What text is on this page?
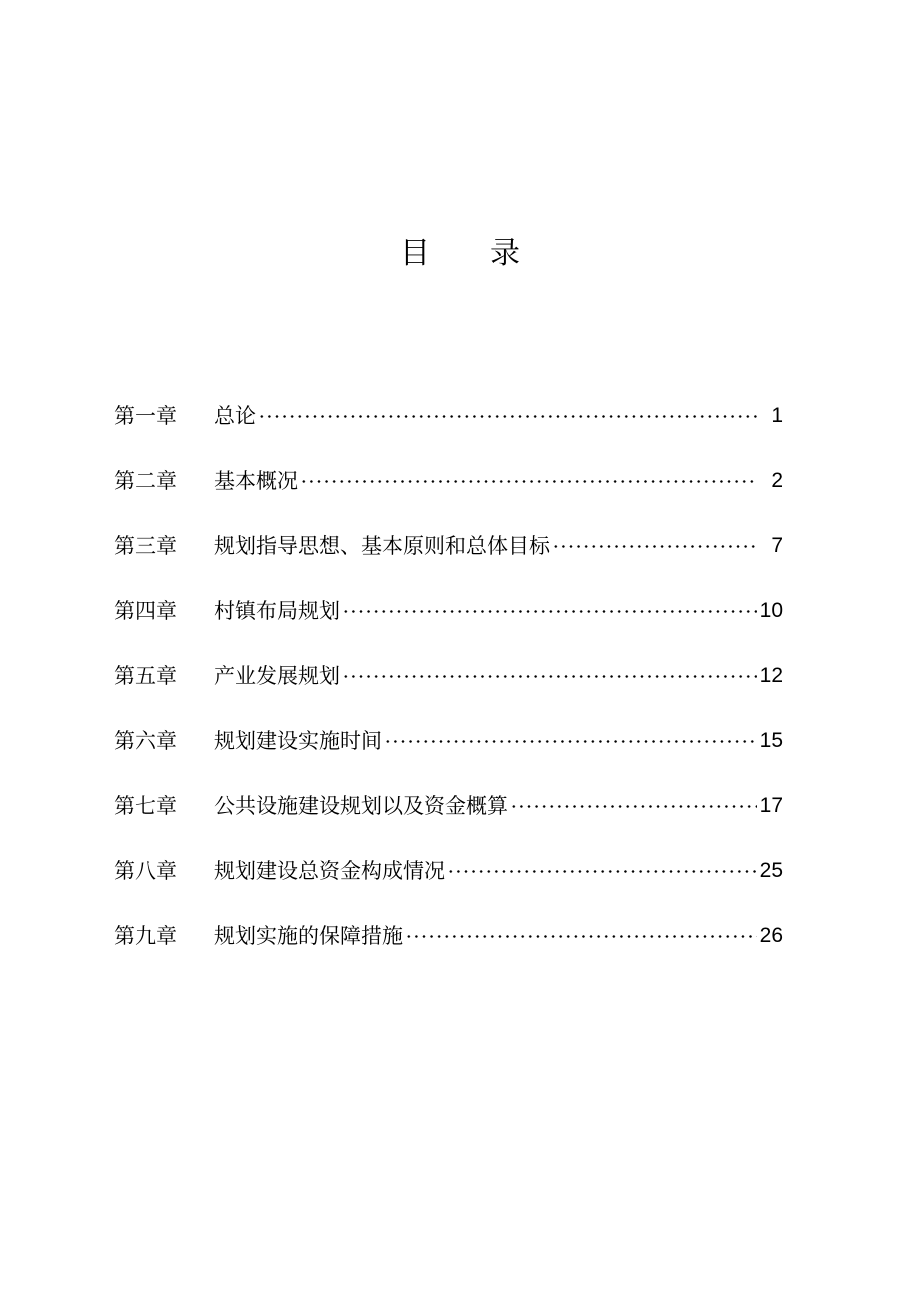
目 录
第一章	总论	1
第二章	基本概况	2
第三章	规划指导思想、基本原则和总体目标	7
第四章	村镇布局规划	10
第五章	产业发展规划	12
第六章	规划建设实施时间	15
第七章	公共设施建设规划以及资金概算	17
第八章	规划建设总资金构成情况	25
第九章	规划实施的保障措施	26
